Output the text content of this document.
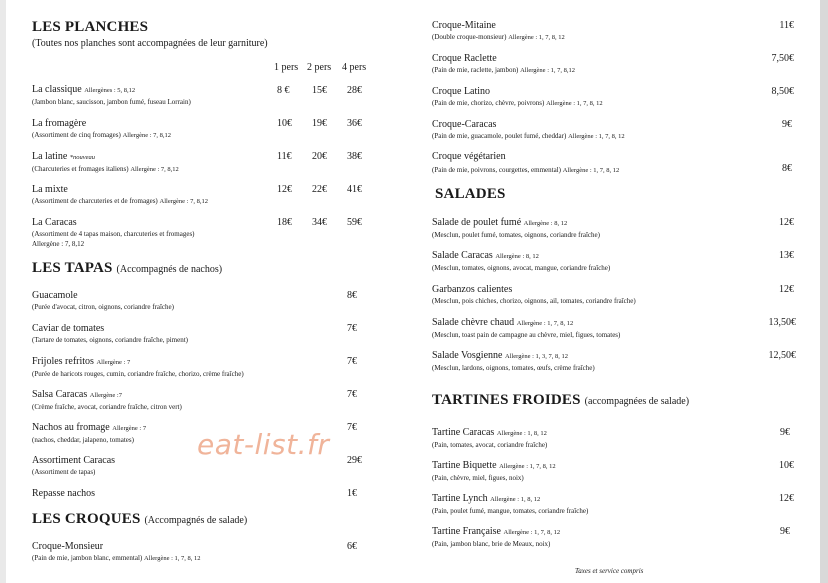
LES PLANCHES
(Toutes nos planches sont accompagnées de leur garniture)
1 pers 2 pers 4 pers
La classique Allergènes : 5, 8,12
(Jambon blanc, saucisson, jambon fumé, fuseau Lorrain)
8 € 15€ 28€
La fromagère
(Assortiment de cinq fromages) Allergène : 7, 8,12
10€ 19€ 36€
La latine *nouveau
(Charcuteries et fromages italiens) Allergène : 7, 8,12
11€ 20€ 38€
La mixte
(Assortiment de charcuteries et de fromages) Allergène : 7, 8,12
12€ 22€ 41€
La Caracas
(Assortiment de 4 tapas maison, charcuteries et fromages)
Allergène : 7, 8,12
18€ 34€ 59€
LES TAPAS (Accompagnés de nachos)
Guacamole
(Purée d'avocat, citron, oignons, coriandre fraîche)
8€
Caviar de tomates
(Tartare de tomates, oignons, coriandre fraîche, piment)
7€
Frijoles refritos Allergène : 7
(Purée de haricots rouges, cumin, coriandre fraîche, chorizo, crème fraîche)
7€
Salsa Caracas Allergène :7
(Crème fraîche, avocat, coriandre fraîche, citron vert)
7€
Nachos au fromage Allergène : 7
(nachos, cheddar, jalapeno, tomates)
7€
Assortiment Caracas
(Assortiment de tapas)
29€
Repasse nachos	1€
LES CROQUES (Accompagnés de salade)
Croque-Monsieur
(Pain de mie, jambon blanc, emmental) Allergène : 1, 7, 8, 12
6€
eat-list.fr
Croque-Mitaine
(Double croque-monsieur) Allergène : 1, 7, 8, 12
11€
Croque Raclette
(Pain de mie, raclette, jambon) Allergène : 1, 7, 8,12
7,50€
Croque Latino
(Pain de mie, chorizo, chèvre, poivrons) Allergène : 1, 7, 8, 12
8,50€
Croque-Caracas
(Pain de mie, guacamole, poulet fumé, cheddar) Allergène : 1, 7, 8, 12
9€
Croque végétarien
(Pain de mie, poivrons, courgettes, emmental) Allergène : 1, 7, 8, 12	8€
SALADES
Salade de poulet fumé Allergène : 8, 12
(Mesclun, poulet fumé, tomates, oignons, coriandre fraîche)
12€
Salade Caracas Allergène : 8, 12
(Mesclun, tomates, oignons, avocat, mangue, coriandre fraîche)
13€
Garbanzos calientes
(Mesclun, pois chiches, chorizo, oignons, ail, tomates, coriandre fraîche)
12€
Salade chèvre chaud Allergène : 1, 7, 8, 12
(Mesclun, toast pain de campagne au chèvre, miel, figues, tomates)
13,50€
Salade Vosgienne Allergène : 1, 3, 7, 8, 12
(Mesclun, lardons, oignons, tomates, œufs, crème fraîche)
12,50€
TARTINES FROIDES (accompagnées de salade)
Tartine Caracas Allergène : 1, 8, 12
(Pain, tomates, avocat, coriandre fraîche)
9€
Tartine Biquette Allergène : 1, 7, 8, 12
(Pain, chèvre, miel, figues, noix)
10€
Tartine Lynch Allergène : 1, 8, 12
(Pain, poulet fumé, mangue, tomates, coriandre fraîche)
12€
Tartine Française Allergène : 1, 7, 8, 12
(Pain, jambon blanc, brie de Meaux, noix)
9€
Taxes et service compris
